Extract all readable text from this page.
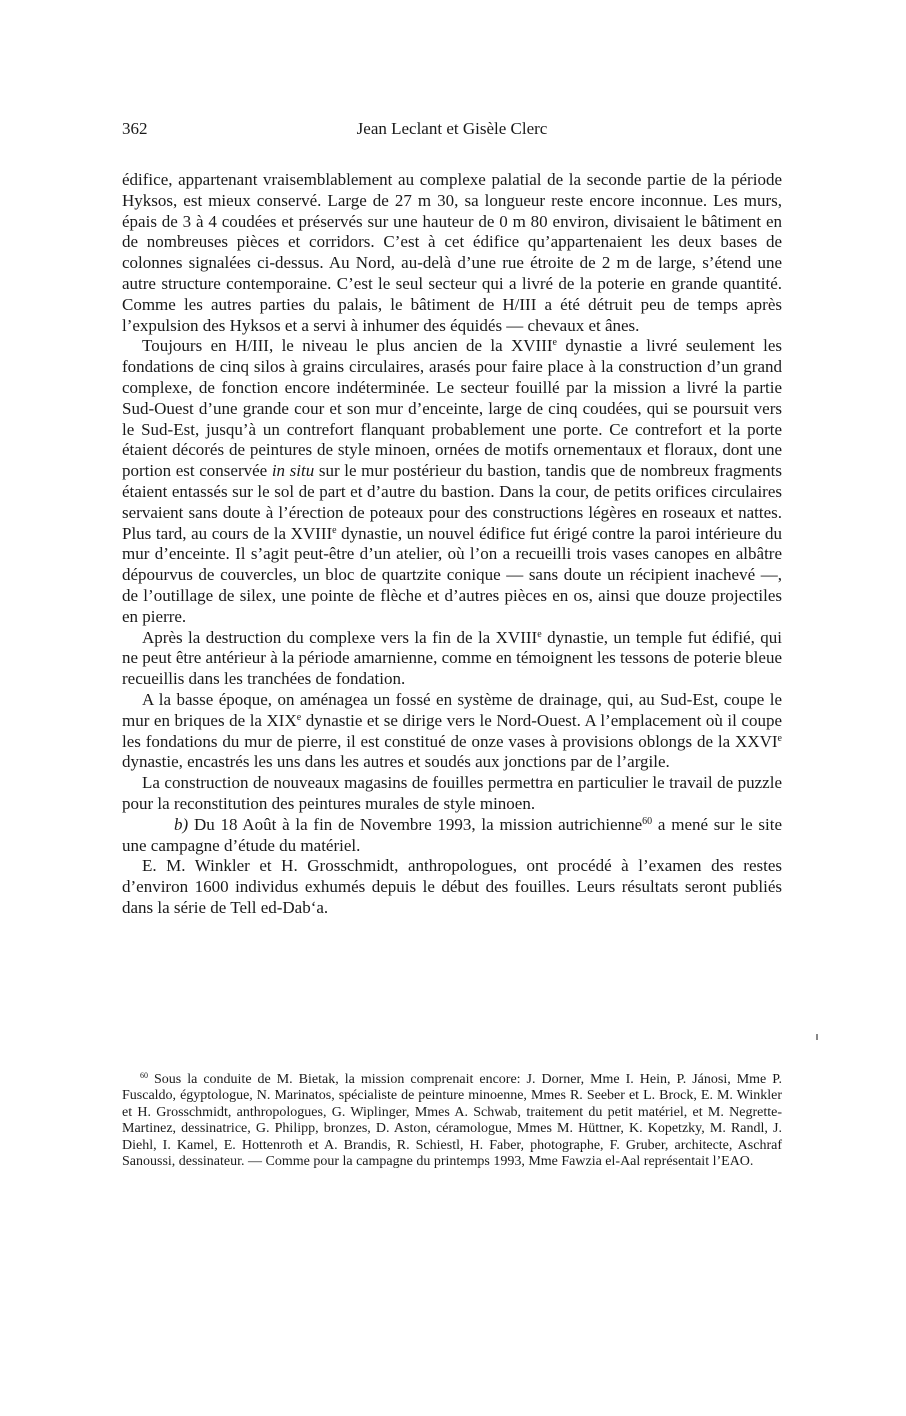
362	Jean Leclant et Gisèle Clerc

édifice, appartenant vraisemblablement au complexe palatial de la seconde partie de la période Hyksos, est mieux conservé. Large de 27 m 30, sa longueur reste encore inconnue. Les murs, épais de 3 à 4 coudées et préservés sur une hauteur de 0 m 80 environ, divisaient le bâtiment en de nombreuses pièces et corridors. C’est à cet édifice qu’appartenaient les deux bases de colonnes signalées ci-dessus. Au Nord, au-delà d’une rue étroite de 2 m de large, s’étend une autre structure contemporaine. C’est le seul secteur qui a livré de la poterie en grande quantité. Comme les autres parties du palais, le bâtiment de H/III a été détruit peu de temps après l’expulsion des Hyksos et a servi à inhumer des équidés — chevaux et ânes.

Toujours en H/III, le niveau le plus ancien de la XVIIIe dynastie a livré seulement les fondations de cinq silos à grains circulaires, arasés pour faire place à la construction d’un grand complexe, de fonction encore indéterminée. Le secteur fouillé par la mission a livré la partie Sud-Ouest d’une grande cour et son mur d’enceinte, large de cinq coudées, qui se poursuit vers le Sud-Est, jusqu’à un contrefort flanquant probablement une porte. Ce contrefort et la porte étaient décorés de peintures de style minoen, ornées de motifs ornementaux et floraux, dont une portion est conservée in situ sur le mur postérieur du bastion, tandis que de nombreux fragments étaient entassés sur le sol de part et d’autre du bastion. Dans la cour, de petits orifices circulaires servaient sans doute à l’érection de poteaux pour des constructions légères en roseaux et nattes. Plus tard, au cours de la XVIIIe dynastie, un nouvel édifice fut érigé contre la paroi intérieure du mur d’enceinte. Il s’agit peut-être d’un atelier, où l’on a recueilli trois vases canopes en albâtre dépourvus de couvercles, un bloc de quartzite conique — sans doute un récipient inachevé —, de l’outillage de silex, une pointe de flèche et d’autres pièces en os, ainsi que douze projectiles en pierre.

Après la destruction du complexe vers la fin de la XVIIIe dynastie, un temple fut édifié, qui ne peut être antérieur à la période amarnienne, comme en témoignent les tessons de poterie bleue recueillis dans les tranchées de fondation.

A la basse époque, on aménagea un fossé en système de drainage, qui, au Sud-Est, coupe le mur en briques de la XIXe dynastie et se dirige vers le Nord-Ouest. A l’emplacement où il coupe les fondations du mur de pierre, il est constitué de onze vases à provisions oblongs de la XXVIe dynastie, encastrés les uns dans les autres et soudés aux jonctions par de l’argile.

La construction de nouveaux magasins de fouilles permettra en particulier le travail de puzzle pour la reconstitution des peintures murales de style minoen.

b) Du 18 Août à la fin de Novembre 1993, la mission autrichienne$^{60}$ a mené sur le site une campagne d’étude du matériel.

E. M. Winkler et H. Grosschmidt, anthropologues, ont procédé à l’examen des restes d’environ 1600 individus exhumés depuis le début des fouilles. Leurs résultats seront publiés dans la série de Tell ed-Dab‘a.

$^{60}$ Sous la conduite de M. Bietak, la mission comprenait encore: J. Dorner, Mme I. Hein, P. Jánosi, Mme P. Fuscaldo, égyptologue, N. Marinatos, spécialiste de peinture minoenne, Mmes R. Seeber et L. Brock, E. M. Winkler et H. Grosschmidt, anthropologues, G. Wiplinger, Mmes A. Schwab, traitement du petit matériel, et M. Negrette-Martinez, dessinatrice, G. Philipp, bronzes, D. Aston, céramologue, Mmes M. Hüttner, K. Kopetzky, M. Randl, J. Diehl, I. Kamel, E. Hottenroth et A. Brandis, R. Schiestl, H. Faber, photographe, F. Gruber, architecte, Aschraf Sanoussi, dessinateur. — Comme pour la campagne du printemps 1993, Mme Fawzia el-Aal représentait l’EAO.
